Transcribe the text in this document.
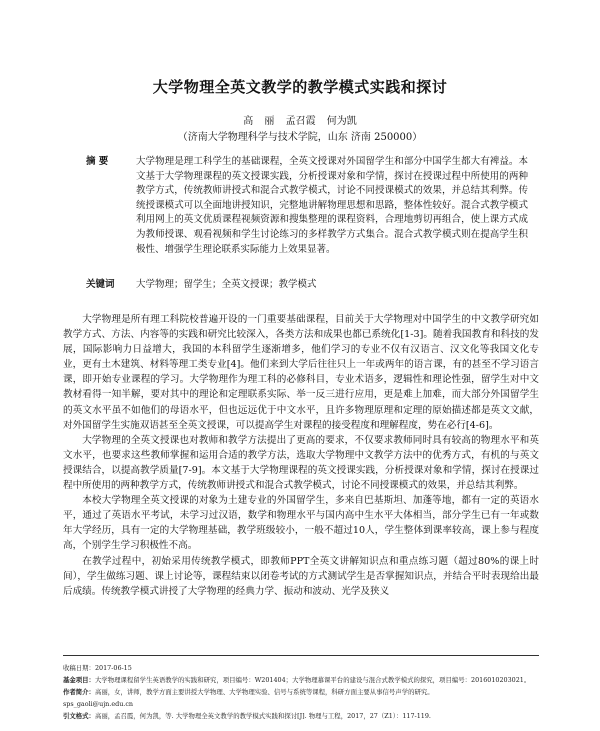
大学物理全英文教学的教学模式实践和探讨
高 丽 孟召霞 何为凯
（济南大学物理科学与技术学院，山东 济南 250000）
摘 要	大学物理是理工科学生的基础课程，全英文授课对外国留学生和部分中国学生都大有裨益。本文基于大学物理课程的英文授课实践，分析授课对象和学情，探讨在授课过程中所使用的两种教学方式，传统教师讲授式和混合式教学模式，讨论不同授课模式的效果，并总结其利弊。传统授课模式可以全面地讲授知识，完整地讲解物理思想和思路，整体性较好。混合式教学模式利用网上的英文优质课程视频资源和搜集整理的课程资料，合理地剪切再组合，使上课方式成为教师授课、观看视频和学生讨论练习的多样教学方式集合。混合式教学模式则在提高学生积极性、增强学生理论联系实际能力上效果显著。
关键词	大学物理；留学生；全英文授课；教学模式

大学物理是所有理工科院校普遍开设的一门重要基础课程，目前关于大学物理对中国学生的中文教学研究如教学方式、方法、内容等的实践和研究比较深入，各类方法和成果也都已系统化[1-3]。随着我国教育和科技的发展，国际影响力日益增大，我国的本科留学生逐渐增多，他们学习的专业不仅有汉语言、汉文化等我国文化专业，更有土木建筑、材料等理工类专业[4]。他们来到大学后往往只上一年或两年的语言课，有的甚至不学习语言课，即开始专业课程的学习。大学物理作为理工科的必修科目，专业术语多，逻辑性和理论性强，留学生对中文教材看得一知半解，要对其中的理论和定理联系实际、举一反三进行应用，更是难上加难，而大部分外国留学生的英文水平虽不如他们的母语水平，但也远远优于中文水平，且许多物理原理和定理的原始描述都是英文文献，对外国留学生实施双语甚至全英文授课，可以提高学生对课程的接受程度和理解程度，势在必行[4-6]。

大学物理的全英文授课也对教师和教学方法提出了更高的要求，不仅要求教师同时具有较高的物理水平和英文水平，也要求这些教师掌握和运用合适的教学方法，选取大学物理中文教学方法中的优秀方式，有机的与英文授课结合，以提高教学质量[7-9]。本文基于大学物理课程的英文授课实践，分析授课对象和学情，探讨在授课过程中所使用的两种教学方式，传统教师讲授式和混合式教学模式，讨论不同授课模式的效果，并总结其利弊。

本校大学物理全英文授课的对象为土建专业的外国留学生，多来自巴基斯坦、加蓬等地，都有一定的英语水平，通过了英语水平考试，未学习过汉语，数学和物理水平与国内高中生水平大体相当，部分学生已有一年或数年大学经历，具有一定的大学物理基础，教学班级较小，一般不超过10人，学生整体到课率较高，课上参与程度高，个别学生学习积极性不高。

在教学过程中，初始采用传统教学模式，即教师PPT全英文讲解知识点和重点练习题（超过80%的课上时间），学生做练习题、课上讨论等，课程结束以闭卷考试的方式测试学生是否掌握知识点，并结合平时表现给出最后成绩。传统教学模式讲授了大学物理的经典力学、振动和波动、光学及狭义

收稿日期：2017-06-15
基金项目：大学物理课程留学生英语教学的实践和研究，项目编号：W201404；大学物理慕课平台的建设与混合式教学模式的探究，项目编号：2016010203021。
作者简介：高丽，女，讲师，教学方面主要讲授大学物理、大学物理实验、信号与系统等课程，科研方面主要从事信号声学的研究。
sps_gaoli@ujn.edu.cn
引文格式：高丽，孟召霞，何为凯，等. 大学物理全英文教学的教学模式实践和探讨[J]. 物理与工程，2017，27（Z1）：117-119.
